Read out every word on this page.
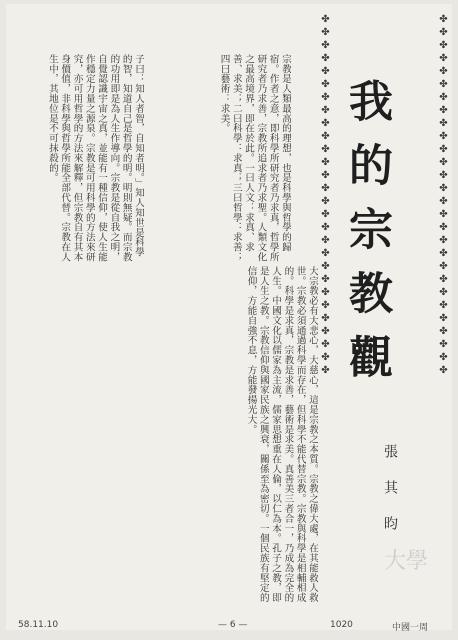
宗教是人類最高的理想，也是科學與哲學的歸宿。作者之意，即科學所研究者乃求真，哲學所研究者乃求善，宗教所追求者乃求聖。人類文化之最高境界，即在於此。一曰人文：求真、求善、求美；二曰科學：求真；三曰哲學：求善；四曰藝術：求美。
子曰：知人者智，自知者明。」知人知世是科學的智，知道自己是哲學的明。明則無疑。而宗教的功用即是為人生作導向。宗教是從自我之明，自覺認識宇宙之真，並能有一種信仰，使人生能作穩定力量之源泉。宗教是可用科學的方法來研究，亦可用哲學的方法來解釋，但宗教自有其本身價值，非科學與哲學所能全部代替。宗教在人生中，其地位是不可抹殺的。
大宗教必有大悲心，大慈心，這是宗教之本質。宗教之偉大處，在其能救人救世。宗教必須通過科學而存在，但科學不能代替宗教。宗教與科學是相輔相成的。科學是求真，宗教是求善，藝術是求美。真善美三者合一，乃成為完全的人生。中國文化以儒家為主流，儒家思想重在人倫，以仁為本。孔子之教，即是人生之教。宗教信仰與國家民族之興衰，關係至為密切。一個民族有堅定的信仰，方能自強不息，方能發揚光大。	✤✤✤✤✤✤✤✤✤✤✤✤✤✤✤✤✤✤✤✤✤✤✤✤✤✤✤✤	✤✤✤✤✤✤✤✤✤✤✤✤✤✤✤✤✤✤✤✤✤✤✤✤✤✤✤✤
我的宗教觀
張其昀
大學
58.11.10	— 6 —	1020	中國一周
